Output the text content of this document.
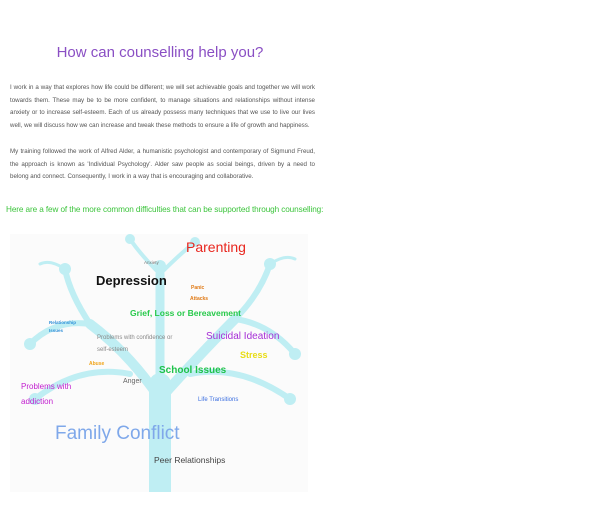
How can counselling help you?

I work in a way that explores how life could be different; we will set achievable goals and together we will work towards them. These may be to be more confident, to manage situations and relationships without intense anxiety or to increase self-esteem. Each of us already possess many techniques that we use to live our lives well, we will discuss how we can increase and tweak these methods to ensure a life of growth and happiness.

My training followed the work of Alfred Alder, a humanistic psychologist and contemporary of Sigmund Freud, the approach is known as 'Individual Psychology'. Alder saw people as social beings, driven by a need to belong and connect. Consequently, I work in a way that is encouraging and collaborative.

Here are a few of the more common difficulties that can be supported through counselling:

Parenting
Anxiety
Depression	Panic
Attacks
Grief, Loss or Bereavement
Relationship
Issues
Problems with confidence or
self-esteem
Suicidal Ideation
Stress
Abuse
Anger
School Issues
Problems with
addiction	Life Transitions
Family Conflict
Peer Relationships
